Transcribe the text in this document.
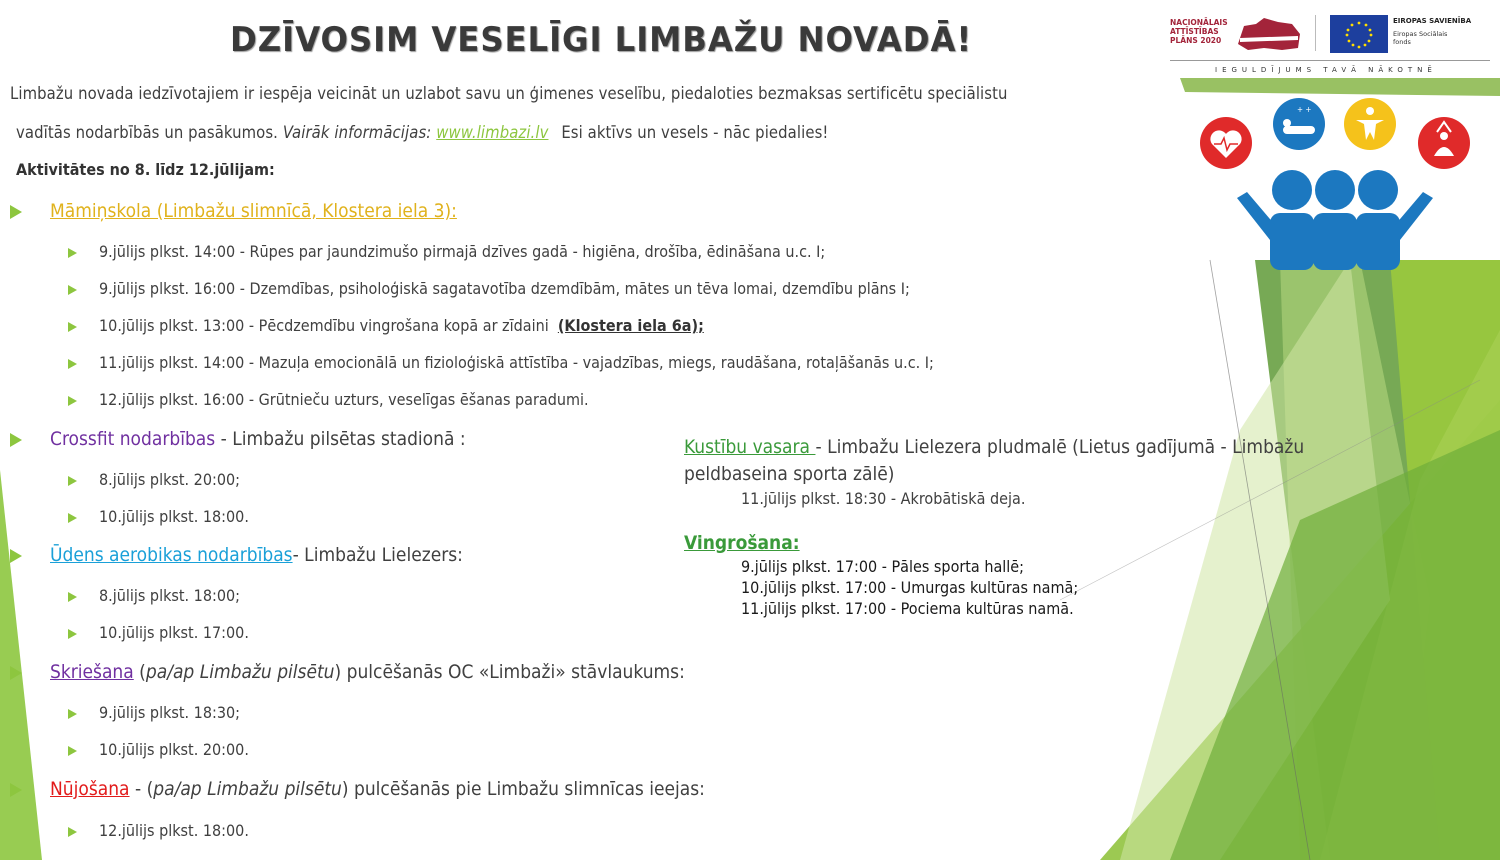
DZĪVOSIM VESELĪGI LIMBAŽU NOVADĀ!	NACIONĀLAIS
ATTĪSTĪBAS
PLĀNS 2020
EIROPAS SAVIENĪBA
Eiropas Sociālais
fonds
IEGULDĪJUMS TAVĀ NĀKOTNĒ
+ +
Limbažu novada iedzīvotajiem ir iespēja veicināt un uzlabot savu un ģimenes veselību, piedaloties bezmaksas sertificētu speciālistu
vadītās nodarbībās un pasākumos. Vairāk informācijas: www.limbazi.lv Esi aktīvs un vesels - nāc piedalies!
Aktivitātes no 8. līdz 12.jūlijam:
Māmiņskola (Limbažu slimnīcā, Klostera iela 3):
9.jūlijs plkst. 14:00 - Rūpes par jaundzimušo pirmajā dzīves gadā - higiēna, drošība, ēdināšana u.c. I;
9.jūlijs plkst. 16:00 - Dzemdības, psiholoģiskā sagatavotība dzemdībām, mātes un tēva lomai, dzemdību plāns I;
10.jūlijs plkst. 13:00 - Pēcdzemdību vingrošana kopā ar zīdaini (Klostera iela 6a);
11.jūlijs plkst. 14:00 - Mazuļa emocionālā un fizioloģiskā attīstība - vajadzības, miegs, raudāšana, rotaļāšanās u.c. I;
12.jūlijs plkst. 16:00 - Grūtnieču uzturs, veselīgas ēšanas paradumi.
Crossfit nodarbības - Limbažu pilsētas stadionā :
8.jūlijs plkst. 20:00;
10.jūlijs plkst. 18:00.
Ūdens aerobikas nodarbības- Limbažu Lielezers:
8.jūlijs plkst. 18:00;
10.jūlijs plkst. 17:00.
Skriešana (pa/ap Limbažu pilsētu) pulcēšanās OC «Limbaži» stāvlaukums:
9.jūlijs plkst. 18:30;
10.jūlijs plkst. 20:00.
Nūjošana - (pa/ap Limbažu pilsētu) pulcēšanās pie Limbažu slimnīcas ieejas:
12.jūlijs plkst. 18:00.
Kustību vasara - Limbažu Lielezera pludmalē (Lietus gadījumā - Limbažu
peldbaseina sporta zālē)
11.jūlijs plkst. 18:30 - Akrobātiskā deja.
Vingrošana:
9.jūlijs plkst. 17:00 - Pāles sporta hallē;
10.jūlijs plkst. 17:00 - Umurgas kultūras namā;
11.jūlijs plkst. 17:00 - Pociema kultūras namā.
